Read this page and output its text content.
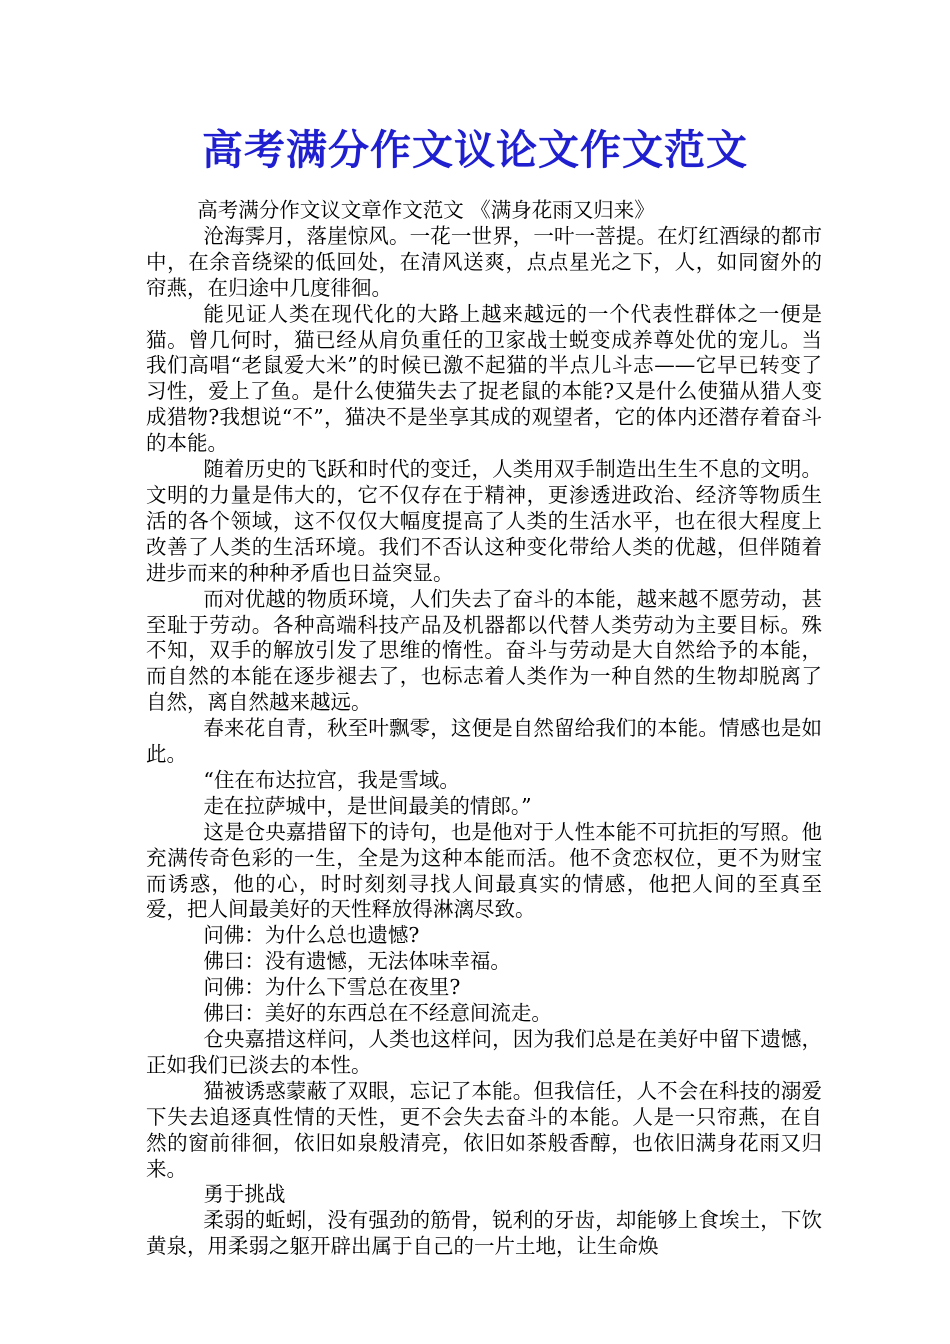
高考满分作文议论文作文范文

高考满分作文议文章作文范文 《满身花雨又归来》

沧海霁月，落崖惊风。一花一世界，一叶一菩提。在灯红酒绿的都市中，在余音绕梁的低回处，在清风送爽，点点星光之下，人，如同窗外的帘燕，在归途中几度徘徊。

能见证人类在现代化的大路上越来越远的一个代表性群体之一便是猫。曾几何时，猫已经从肩负重任的卫家战士蜕变成养尊处优的宠儿。当我们高唱“老鼠爱大米”的时候已激不起猫的半点儿斗志——它早已转变了习性，爱上了鱼。是什么使猫失去了捉老鼠的本能?又是什么使猫从猎人变成猎物?我想说“不”，猫决不是坐享其成的观望者，它的体内还潜存着奋斗的本能。

随着历史的飞跃和时代的变迁，人类用双手制造出生生不息的文明。文明的力量是伟大的，它不仅存在于精神，更渗透进政治、经济等物质生活的各个领域，这不仅仅大幅度提高了人类的生活水平，也在很大程度上改善了人类的生活环境。我们不否认这种变化带给人类的优越，但伴随着进步而来的种种矛盾也日益突显。

而对优越的物质环境，人们失去了奋斗的本能，越来越不愿劳动，甚至耻于劳动。各种高端科技产品及机器都以代替人类劳动为主要目标。殊不知，双手的解放引发了思维的惰性。奋斗与劳动是大自然给予的本能，而自然的本能在逐步褪去了，也标志着人类作为一种自然的生物却脱离了自然，离自然越来越远。

春来花自青，秋至叶飘零，这便是自然留给我们的本能。情感也是如此。

“住在布达拉宫，我是雪域。

走在拉萨城中，是世间最美的情郎。”

这是仓央嘉措留下的诗句，也是他对于人性本能不可抗拒的写照。他充满传奇色彩的一生，全是为这种本能而活。他不贪恋权位，更不为财宝而诱惑，他的心，时时刻刻寻找人间最真实的情感，他把人间的至真至爱，把人间最美好的天性释放得淋漓尽致。

问佛：为什么总也遗憾?

佛曰：没有遗憾，无法体味幸福。

问佛：为什么下雪总在夜里?

佛曰：美好的东西总在不经意间流走。

仓央嘉措这样问，人类也这样问，因为我们总是在美好中留下遗憾，正如我们已淡去的本性。

猫被诱惑蒙蔽了双眼，忘记了本能。但我信任，人不会在科技的溺爱下失去追逐真性情的天性，更不会失去奋斗的本能。人是一只帘燕，在自然的窗前徘徊，依旧如泉般清亮，依旧如茶般香醇，也依旧满身花雨又归来。

勇于挑战

柔弱的蚯蚓，没有强劲的筋骨，锐利的牙齿，却能够上食埃土，下饮黄泉，用柔弱之躯开辟出属于自己的一片土地，让生命焕
